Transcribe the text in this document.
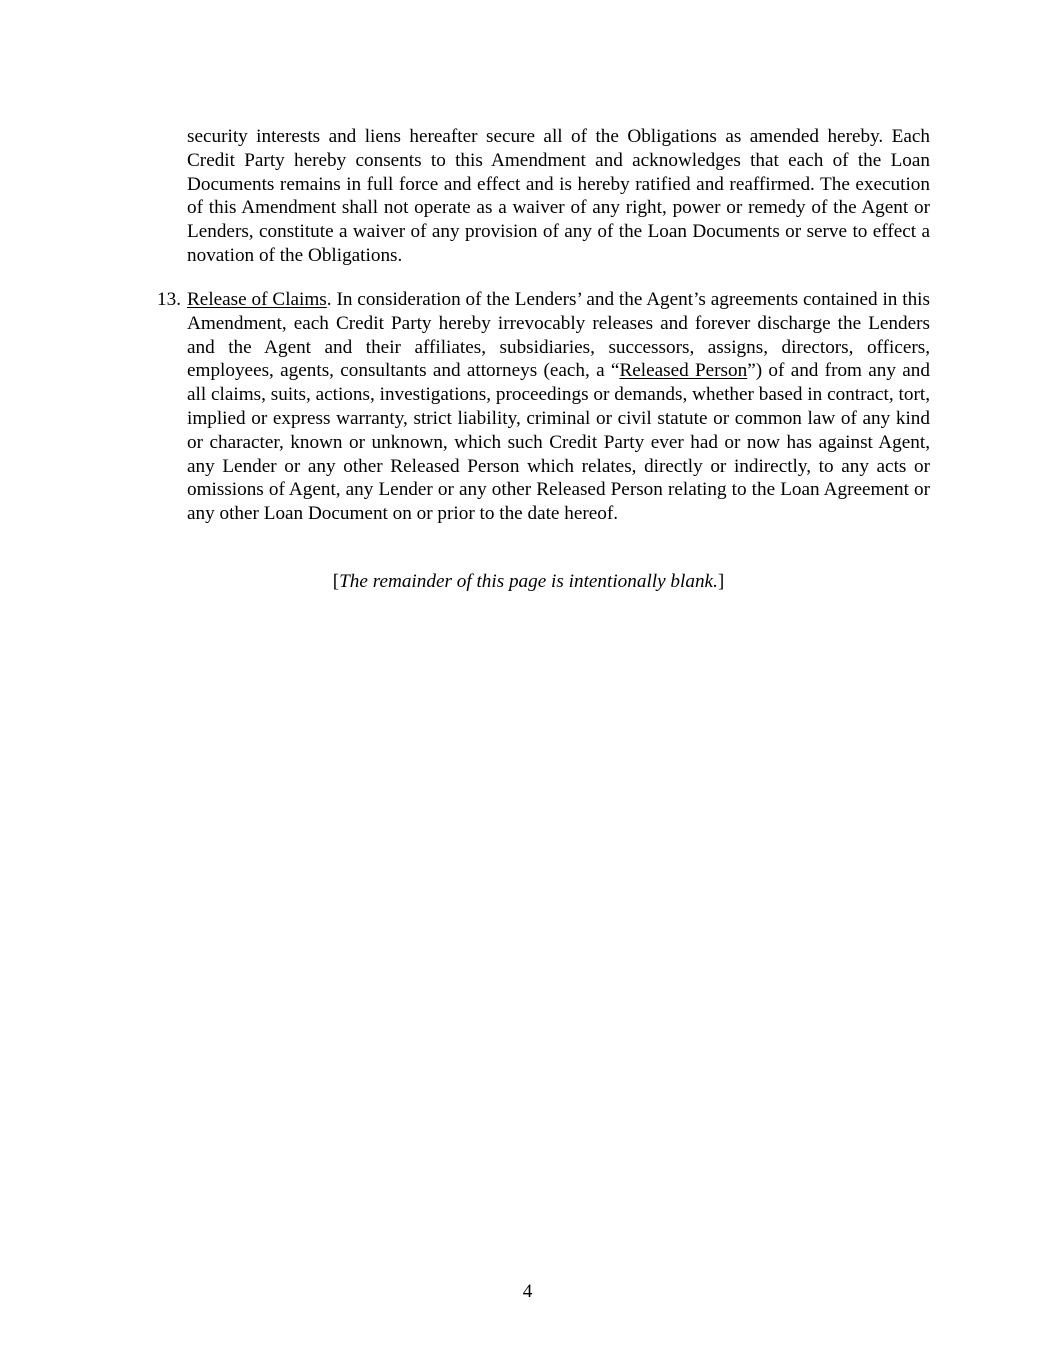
security interests and liens hereafter secure all of the Obligations as amended hereby. Each Credit Party hereby consents to this Amendment and acknowledges that each of the Loan Documents remains in full force and effect and is hereby ratified and reaffirmed. The execution of this Amendment shall not operate as a waiver of any right, power or remedy of the Agent or Lenders, constitute a waiver of any provision of any of the Loan Documents or serve to effect a novation of the Obligations.

13. Release of Claims. In consideration of the Lenders’ and the Agent’s agreements contained in this Amendment, each Credit Party hereby irrevocably releases and forever discharge the Lenders and the Agent and their affiliates, subsidiaries, successors, assigns, directors, officers, employees, agents, consultants and attorneys (each, a “Released Person”) of and from any and all claims, suits, actions, investigations, proceedings or demands, whether based in contract, tort, implied or express warranty, strict liability, criminal or civil statute or common law of any kind or character, known or unknown, which such Credit Party ever had or now has against Agent, any Lender or any other Released Person which relates, directly or indirectly, to any acts or omissions of Agent, any Lender or any other Released Person relating to the Loan Agreement or any other Loan Document on or prior to the date hereof.
[The remainder of this page is intentionally blank.]
4
